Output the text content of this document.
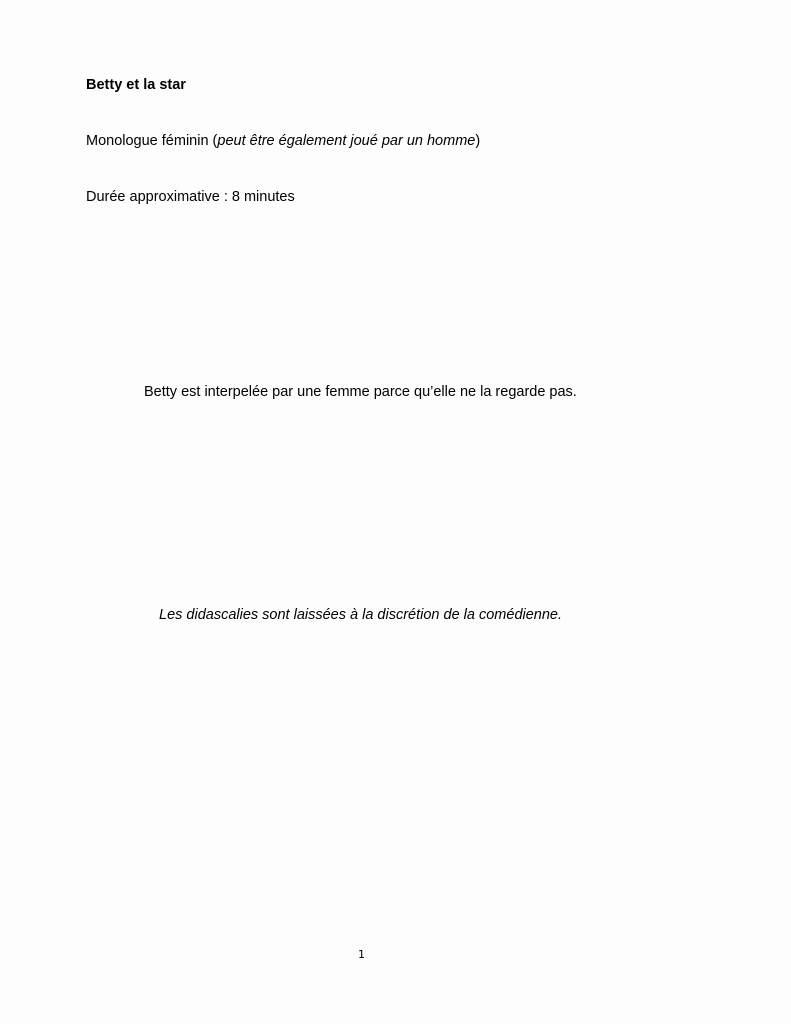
Betty et la star
Monologue féminin (peut être également joué par un homme)
Durée approximative : 8 minutes
Betty est interpelée par une femme parce qu’elle ne la regarde pas.
Les didascalies sont laissées à la discrétion de la comédienne.
1
